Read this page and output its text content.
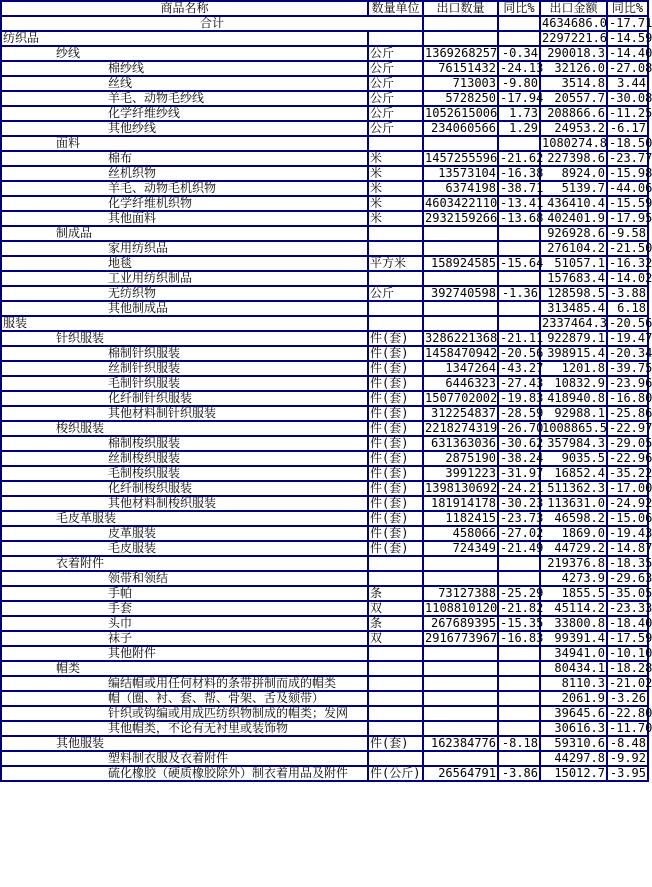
商品名称	数量单位	出口数量	同比%	出口金额	同比%
合计				4634686.0	-17.71
纺织品				2297221.6	-14.59
纱线	公斤	1369268257	-0.34	290018.3	-14.40
棉纱线	公斤	76151432	-24.13	32126.0	-27.08
丝线	公斤	713003	-9.80	3514.8	3.44
羊毛、动物毛纱线	公斤	5728250	-17.94	20557.7	-30.08
化学纤维纱线	公斤	1052615006	1.73	208866.6	-11.25
其他纱线	公斤	234060566	1.29	24953.2	-6.17
面料				1080274.8	-18.50
棉布	米	1457255596	-21.62	227398.6	-23.77
丝机织物	米	13573104	-16.38	8924.0	-15.98
羊毛、动物毛机织物	米	6374198	-38.71	5139.7	-44.06
化学纤维机织物	米	4603422110	-13.41	436410.4	-15.59
其他面料	米	2932159266	-13.68	402401.9	-17.95
制成品				926928.6	-9.58
家用纺织品				276104.2	-21.50
地毯	平方米	158924585	-15.64	51057.1	-16.32
工业用纺织制品				157683.4	-14.02
无纺织物	公斤	392740598	-1.36	128598.5	-3.88
其他制成品				313485.4	6.18
服装				2337464.3	-20.56
针织服装	件(套)	3286221368	-21.11	922879.1	-19.47
棉制针织服装	件(套)	1458470942	-20.56	398915.4	-20.34
丝制针织服装	件(套)	1347264	-43.27	1201.8	-39.75
毛制针织服装	件(套)	6446323	-27.43	10832.9	-23.96
化纤制针织服装	件(套)	1507702002	-19.83	418940.8	-16.80
其他材料制针织服装	件(套)	312254837	-28.59	92988.1	-25.86
梭织服装	件(套)	2218274319	-26.70	1008865.5	-22.97
棉制梭织服装	件(套)	631363036	-30.62	357984.3	-29.05
丝制梭织服装	件(套)	2875190	-38.24	9035.5	-22.96
毛制梭织服装	件(套)	3991223	-31.97	16852.4	-35.22
化纤制梭织服装	件(套)	1398130692	-24.21	511362.3	-17.00
其他材料制梭织服装	件(套)	181914178	-30.23	113631.0	-24.92
毛皮革服装	件(套)	1182415	-23.73	46598.2	-15.06
皮革服装	件(套)	458066	-27.02	1869.0	-19.43
毛皮服装	件(套)	724349	-21.49	44729.2	-14.87
衣着附件				219376.8	-18.35
领带和领结				4273.9	-29.63
手帕	条	73127388	-25.29	1855.5	-35.05
手套	双	1108810120	-21.82	45114.2	-23.33
头巾	条	267689395	-15.35	33800.8	-18.40
袜子	双	2916773967	-16.83	99391.4	-17.59
其他附件				34941.0	-10.10
帽类				80434.1	-18.28
编结帽或用任何材料的条带拼制而成的帽类				8110.3	-21.02
帽（圈、衬、套、帮、骨架、舌及颏带）				2061.9	-3.26
针织或钩编或用成匹纺织物制成的帽类；发网				39645.6	-22.80
其他帽类，不论有无衬里或装饰物				30616.3	-11.70
其他服装	件(套)	162384776	-8.18	59310.6	-8.48
塑料制衣服及衣着附件				44297.8	-9.92
硫化橡胶（硬质橡胶除外）制衣着用品及附件	件(公斤)	26564791	-3.86	15012.7	-3.95
